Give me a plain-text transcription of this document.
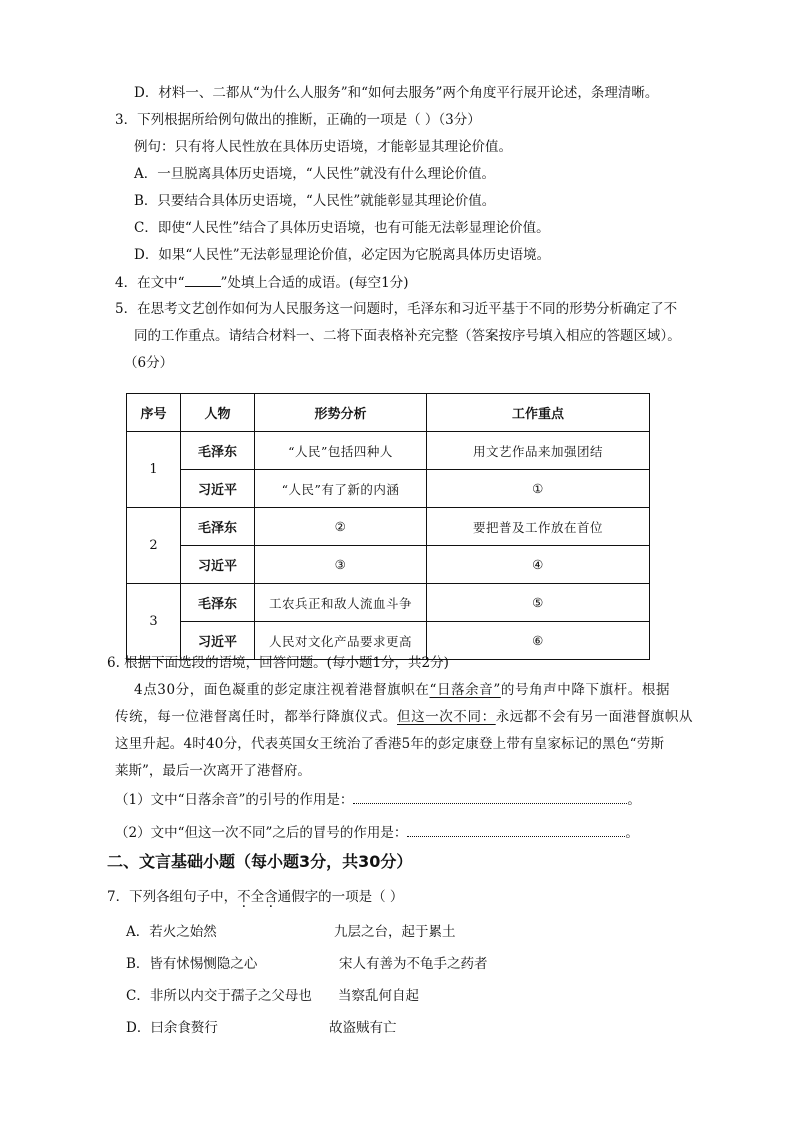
D．材料一、二都从“为什么人服务”和“如何去服务”两个角度平行展开论述，条理清晰。
3．下列根据所给例句做出的推断，正确的一项是（ ）（3分）
例句：只有将人民性放在具体历史语境，才能彰显其理论价值。
A．一旦脱离具体历史语境，“人民性”就没有什么理论价值。
B．只要结合具体历史语境，“人民性”就能彰显其理论价值。
C．即使“人民性”结合了具体历史语境，也有可能无法彰显理论价值。
D．如果“人民性”无法彰显理论价值，必定因为它脱离具体历史语境。
4．在文中“	”处填上合适的成语。(每空1分)
5．在思考文艺创作如何为人民服务这一问题时，毛泽东和习近平基于不同的形势分析确定了不
同的工作重点。请结合材料一、二将下面表格补充完整（答案按序号填入相应的答题区域）。
（6分）
序号	人物	形势分析	工作重点
1	毛泽东	“人民”包括四种人	用文艺作品来加强团结
	习近平	“人民”有了新的内涵	①
2	毛泽东	②	要把普及工作放在首位
	习近平	③	④
3	毛泽东	工农兵正和敌人流血斗争	⑤
	习近平	人民对文化产品要求更高	⑥
6. 根据下面选段的语境，回答问题。(每小题1分，共2分)
4点30分，面色凝重的彭定康注视着港督旗帜在“日落余音”的号角声中降下旗杆。根据
传统，每一位港督离任时，都举行降旗仪式。但这一次不同：永远都不会有另一面港督旗帜从
这里升起。4时40分，代表英国女王统治了香港5年的彭定康登上带有皇家标记的黑色“劳斯
莱斯”，最后一次离开了港督府。
（1）文中“日落余音”的引号的作用是：	。
（2）文中“但这一次不同”之后的冒号的作用是：	。
二、文言基础小题（每小题3分，共30分）
7．下列各组句子中，不全含通假字的一项是（ ）
A．若火之始然	九层之台，起于累土
B．皆有怵惕恻隐之心	宋人有善为不龟手之药者
C．非所以内交于孺子之父母也 当察乱何自起
D．曰余食赘行	故盗贼有亡
